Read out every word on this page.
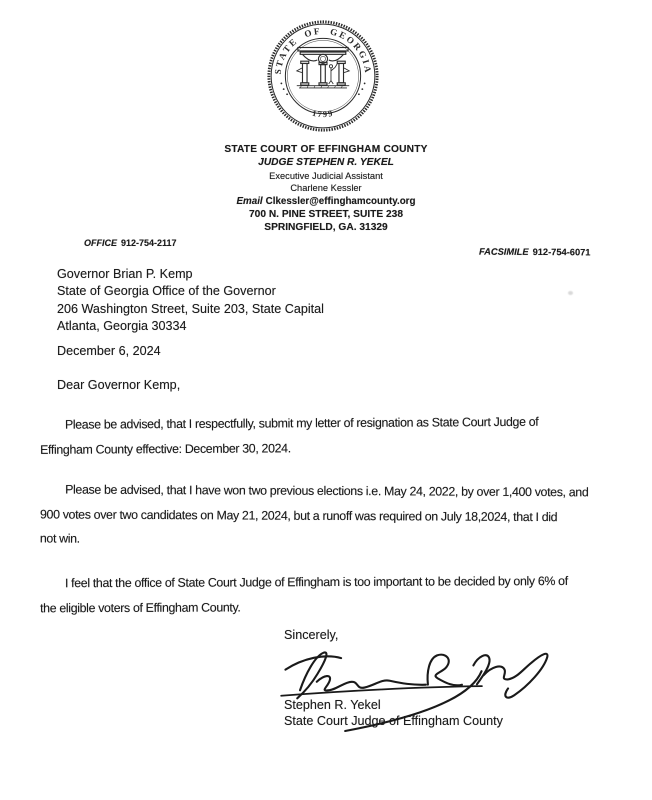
STATE OF GEORGIA
1799
STATE COURT OF EFFINGHAM COUNTY
JUDGE STEPHEN R. YEKEL
Executive Judicial Assistant
Charlene Kessler
Email Clkessler@effinghamcounty.org
700 N. PINE STREET, SUITE 238
SPRINGFIELD, GA. 31329
OFFICE 912-754-2117
FACSIMILE 912-754-6071
Governor Brian P. Kemp
State of Georgia Office of the Governor
206 Washington Street, Suite 203, State Capital
Atlanta, Georgia 30334
December 6, 2024
Dear Governor Kemp,
Please be advised, that I respectfully, submit my letter of resignation as State Court Judge of
Effingham County effective: December 30, 2024.
Please be advised, that I have won two previous elections i.e. May 24, 2022, by over 1,400 votes, and
900 votes over two candidates on May 21, 2024, but a runoff was required on July 18,2024, that I did
not win.
I feel that the office of State Court Judge of Effingham is too important to be decided by only 6% of
the eligible voters of Effingham County.
Sincerely,
Stephen R. Yekel
State Court Judge of Effingham County
